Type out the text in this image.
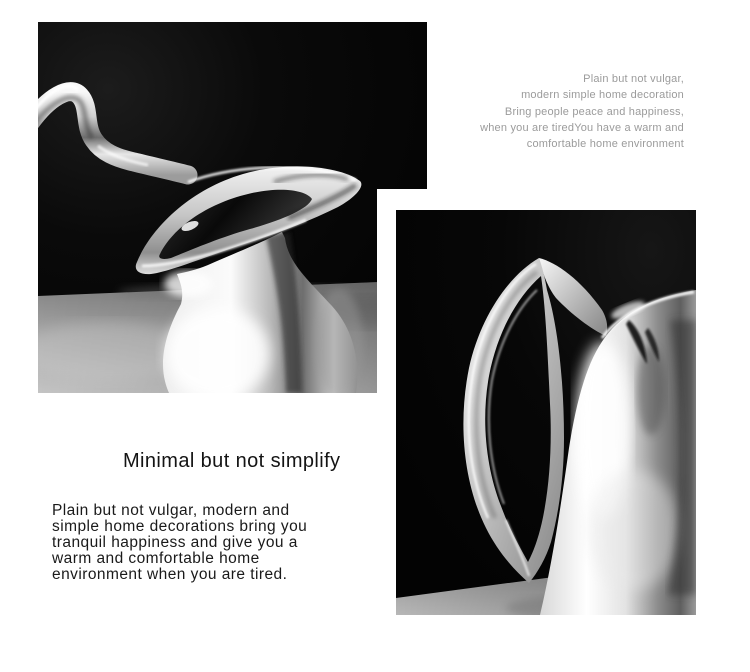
Plain but not vulgar,
modern simple home decoration
Bring people peace and happiness,
when you are tiredYou have a warm and
comfortable home environment
Minimal but not simplify
Plain but not vulgar, modern and
simple home decorations bring you
tranquil happiness and give you a
warm and comfortable home
environment when you are tired.
